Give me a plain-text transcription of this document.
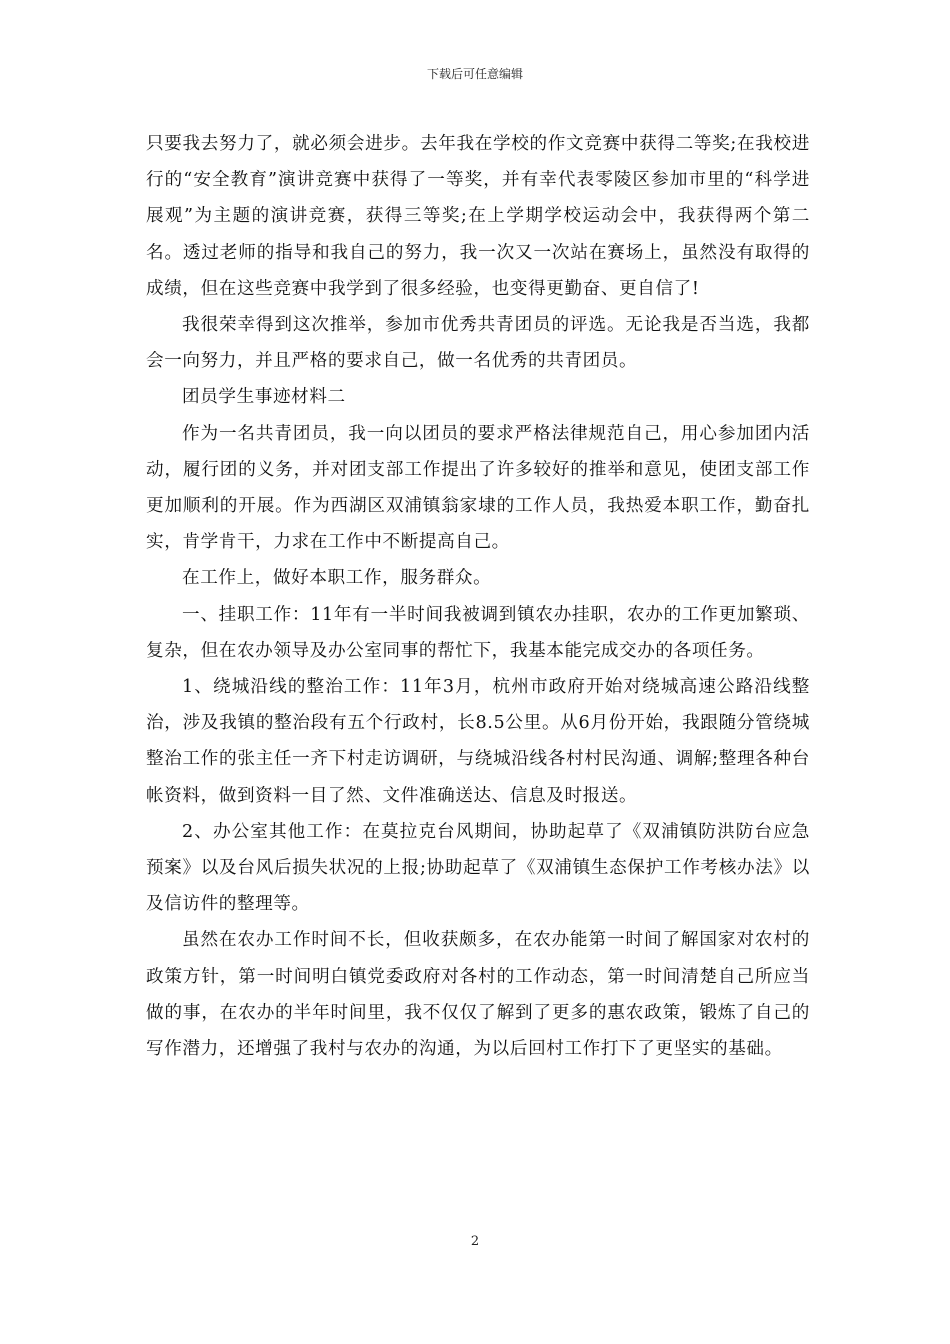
下载后可任意编辑

只要我去努力了，就必须会进步。去年我在学校的作文竞赛中获得二等奖;在我校进行的“安全教育”演讲竞赛中获得了一等奖，并有幸代表零陵区参加市里的“科学进展观”为主题的演讲竞赛，获得三等奖;在上学期学校运动会中，我获得两个第二名。透过老师的指导和我自己的努力，我一次又一次站在赛场上，虽然没有取得的成绩，但在这些竞赛中我学到了很多经验，也变得更勤奋、更自信了!

我很荣幸得到这次推举，参加市优秀共青团员的评选。无论我是否当选，我都会一向努力，并且严格的要求自己，做一名优秀的共青团员。

团员学生事迹材料二

作为一名共青团员，我一向以团员的要求严格法律规范自己，用心参加团内活动，履行团的义务，并对团支部工作提出了许多较好的推举和意见，使团支部工作更加顺利的开展。作为西湖区双浦镇翁家埭的工作人员，我热爱本职工作，勤奋扎实，肯学肯干，力求在工作中不断提高自己。

在工作上，做好本职工作，服务群众。

一、挂职工作：11年有一半时间我被调到镇农办挂职，农办的工作更加繁琐、复杂，但在农办领导及办公室同事的帮忙下，我基本能完成交办的各项任务。

1、绕城沿线的整治工作：11年3月，杭州市政府开始对绕城高速公路沿线整治，涉及我镇的整治段有五个行政村，长8.5公里。从6月份开始，我跟随分管绕城整治工作的张主任一齐下村走访调研，与绕城沿线各村村民沟通、调解;整理各种台帐资料，做到资料一目了然、文件准确送达、信息及时报送。

2、办公室其他工作：在莫拉克台风期间，协助起草了《双浦镇防洪防台应急预案》以及台风后损失状况的上报;协助起草了《双浦镇生态保护工作考核办法》以及信访件的整理等。

虽然在农办工作时间不长，但收获颇多，在农办能第一时间了解国家对农村的政策方针，第一时间明白镇党委政府对各村的工作动态，第一时间清楚自己所应当做的事，在农办的半年时间里，我不仅仅了解到了更多的惠农政策，锻炼了自己的写作潜力，还增强了我村与农办的沟通，为以后回村工作打下了更坚实的基础。

2
